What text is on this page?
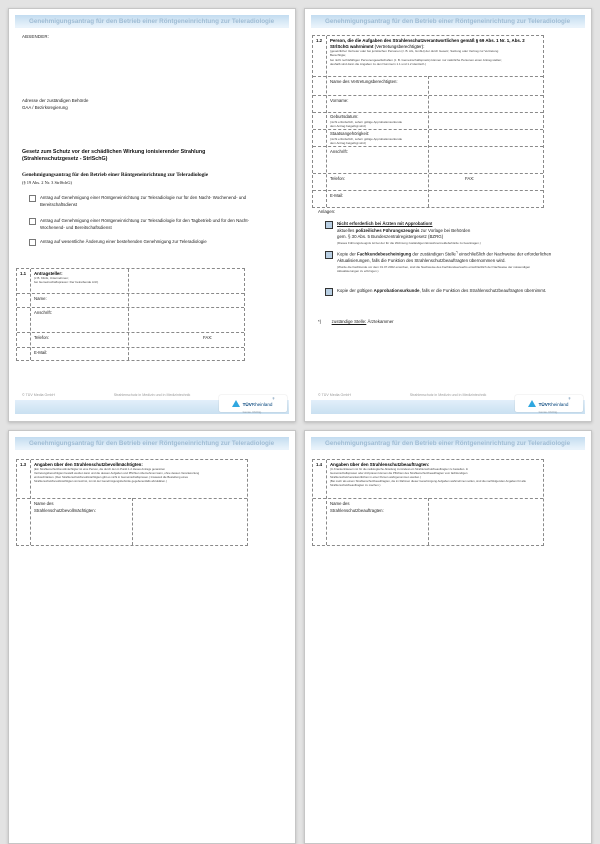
Genehmigungsantrag für den Betrieb einer Röntgeneinrichtung zur Teleradiologie
ABSENDER:
Adresse der zuständigen Behörde
GAA / Bezirksregierung
Gesetz zum Schutz vor der schädlichen Wirkung ionisierender Strahlung
(Strahlenschutzgesetz - StrlSchG)
Genehmigungsantrag für den Betrieb einer Röntgeneinrichtung zur Teleradiologie
(§ 19 Abs. 2 Nr. 3 StrlSchG)
Antrag auf Genehmigung einer Röntgeneinrichtung zur Teleradiologie nur für den Nacht- Wochenend- und Bereitschaftsdienst
Antrag auf Genehmigung einer Röntgeneinrichtung zur Teleradiologie für den Tagbetrieb und für den Nacht- Wochenend- und Bereitschaftsdienst
Antrag auf wesentliche Änderung einer bestehenden Genehmigung zur Teleradiologie
1.1 Antragsteller:
(z.B. Klinik, Unternehmen;
bei Gemeinschaftspraxen: Der betreibende Arzt)
Name:
Anschrift:
Telefon:	FAX:
E-Mail:
© TÜV Media GmbH	Strahlenschutz in Medizin und in Medizintechnik
TÜVRheinland®
Genau. Richtig.
Genehmigungsantrag für den Betrieb einer Röntgeneinrichtung zur Teleradiologie
1.2 Person, die die Aufgaben des Strahlenschutzverantwortlichen gemäß § 69 Abs. 1 Nr. 1, Abs. 2 StrlSchG wahrnimmt (Vertretungsberechtigter):
(gesetzlicher Vertreter oder bei juristischen Personen (z. B. AG, GmbH) der durch Gesetz, Satzung oder Vertrag zur Vertretung
Berechtigte;
bei nicht rechtsfähigen Personengesellschaften (z. B. Gemeinschaftspraxis) können nur natürliche Personen einen Antrag stellen;
deshalb sind dann die Angaben zu den Nummern 1.1 und 1.2 identisch.)
Name des Vertretungsberechtigten:
Vorname:
Geburtsdatum:
(nicht erforderlich, sofern gültige Approbationsurkunde
dem Antrag beigefügt wird)
Staatsangehörigkeit:
(nicht erforderlich, sofern gültige Approbationsurkunde
dem Antrag beigefügt wird)
Anschrift:
Telefon:	FAX:
E-Mail:
Anlagen:
Nicht erforderlich bei Ärzten mit Approbation!
aktuelles polizeiliches Führungszeugnis zur Vorlage bei Behörden
gem. § 30 Abs. 5 Bundeszentralregistergesetz (BZRG)
(Dieses Führungszeugnis ist bei der für die Wohnung zuständigen Einwohnermeldebehörde zu beantragen.)
Kopie der Fachkundebescheinigung der zuständigen Stelle*) einschließlich der Nachweise der erforderlichen Aktualisierungen, falls die Funktion des Strahlenschutzbeauftragten übernommen wird.
(Wurde die Fachkunde vor dem 01.07.2002 erworben, sind die Nachweise des Fachkundeerwerbs einschließlich der Nachweise der notwendigen Aktualisierungen zu erbringen.)
Kopie der gültigen Approbationsurkunde, falls er die Funktion des Strahlenschutzbeauftragten übernimmt.
*) zuständige Stelle: Ärztekammer
© TÜV Media GmbH	Strahlenschutz in Medizin und in Medizintechnik
TÜVRheinland®
Genau. Richtig.
Genehmigungsantrag für den Betrieb einer Röntgeneinrichtung zur Teleradiologie
1.3 Angaben über den Strahlenschutzbevollmächtigten:
(Ein Strahlenschutzbevollmächtigter ist eine Person, die durch den in Punkt 1.2 dieses Antrags genannten
Vertretungsberechtigten bestellt werden kann und die dessen Aufgaben und Pflichten übernehmen kann, ohne dessen Verantwortung
einzuschränken. (Den Strahlenschutzbevollmächtigten gibt es nicht in Gemeinschaftspraxen.) Inwieweit die Bestellung eines
Strahlenschutzbevollmächtigten sinnvoll ist, ist mit der Genehmigungsbehörde gegebenenfalls abzuklären.)
Name des
Strahlenschutzbevollmächtigten:
Genehmigungsantrag für den Betrieb einer Röntgeneinrichtung zur Teleradiologie
1.4 Angaben über den Strahlenschutzbeauftragten:
(In Krankenhäusern ist für die radiologische Abteilung zumindest ein Strahlenschutzbeauftragter zu bestellen. In
Gemeinschaftspraxen oder Arztpraxen können die Pflichten des Strahlenschutzbeauftragten vom fachkundigen
Strahlenschutzverantwortlichen in einer Person wahrgenommen werden.)
(Bei mehr als einem Strahlenschutzbeauftragten, die im Rahmen dieser Genehmigung Aufgaben wahrnehmen sollen, sind die nachfolgenden Angaben für alle Strahlenschutzbeauftragten zu machen.)
Name des
Strahlenschutzbeauftragten:
